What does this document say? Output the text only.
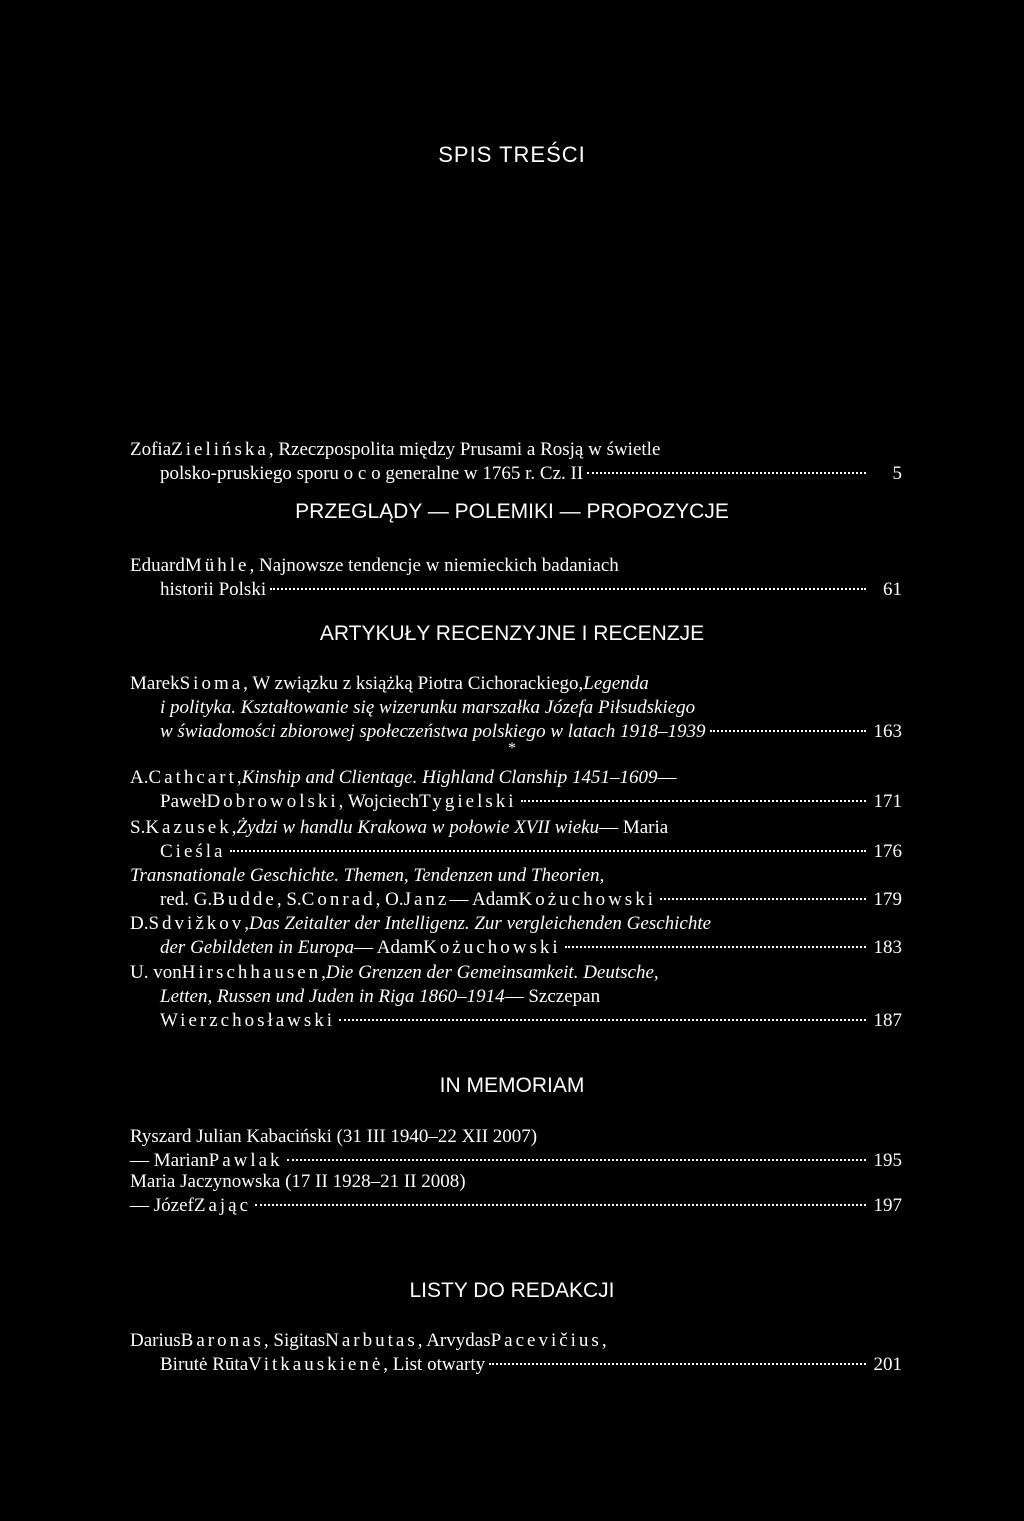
SPIS TREŚCI
Zofia Zielińska , Rzeczpospolita między Prusami a Rosją w świetle
polsko-pruskiego sporu o c o generalne w 1765 r. Cz. II	5
PRZEGLĄDY — POLEMIKI — PROPOZYCJE
Eduard Mühle , Najnowsze tendencje w niemieckich badaniach
historii Polski	61
ARTYKUŁY RECENZYJNE I RECENZJE
Marek Sioma , W związku z książką Piotra Cichorackiego, Legenda
i polityka. Kształtowanie się wizerunku marszałka Józefa Piłsudskiego
w świadomości zbiorowej społeczeństwa polskiego w latach 1918–1939	163
*
A. Cathcart , Kinship and Clientage. Highland Clanship 1451–1609 —
Paweł Dobrowolski , Wojciech Tygielski	171
S. Kazusek , Żydzi w handlu Krakowa w połowie XVII wieku — Maria
Cieśla	176
Transnationale Geschichte. Themen, Tendenzen und Theorien,
red. G. Budde , S. Conrad , O. Janz — Adam Kożuchowski	179
D. Sdvižkov , Das Zeitalter der Intelligenz. Zur vergleichenden Geschichte
der Gebildeten in Europa — Adam Kożuchowski	183
U. von Hirschhausen , Die Grenzen der Gemeinsamkeit. Deutsche,
Letten, Russen und Juden in Riga 1860–1914 — Szczepan
Wierzchosławski	187
IN MEMORIAM
Ryszard Julian Kabaciński (31 III 1940–22 XII 2007)
— Marian Pawlak	195
Maria Jaczynowska (17 II 1928–21 II 2008)
— Józef Zając	197
LISTY DO REDAKCJI
Darius Baronas , Sigitas Narbutas , Arvydas Pacevičius ,
Birutė Rūta Vitkauskienė , List otwarty	201
